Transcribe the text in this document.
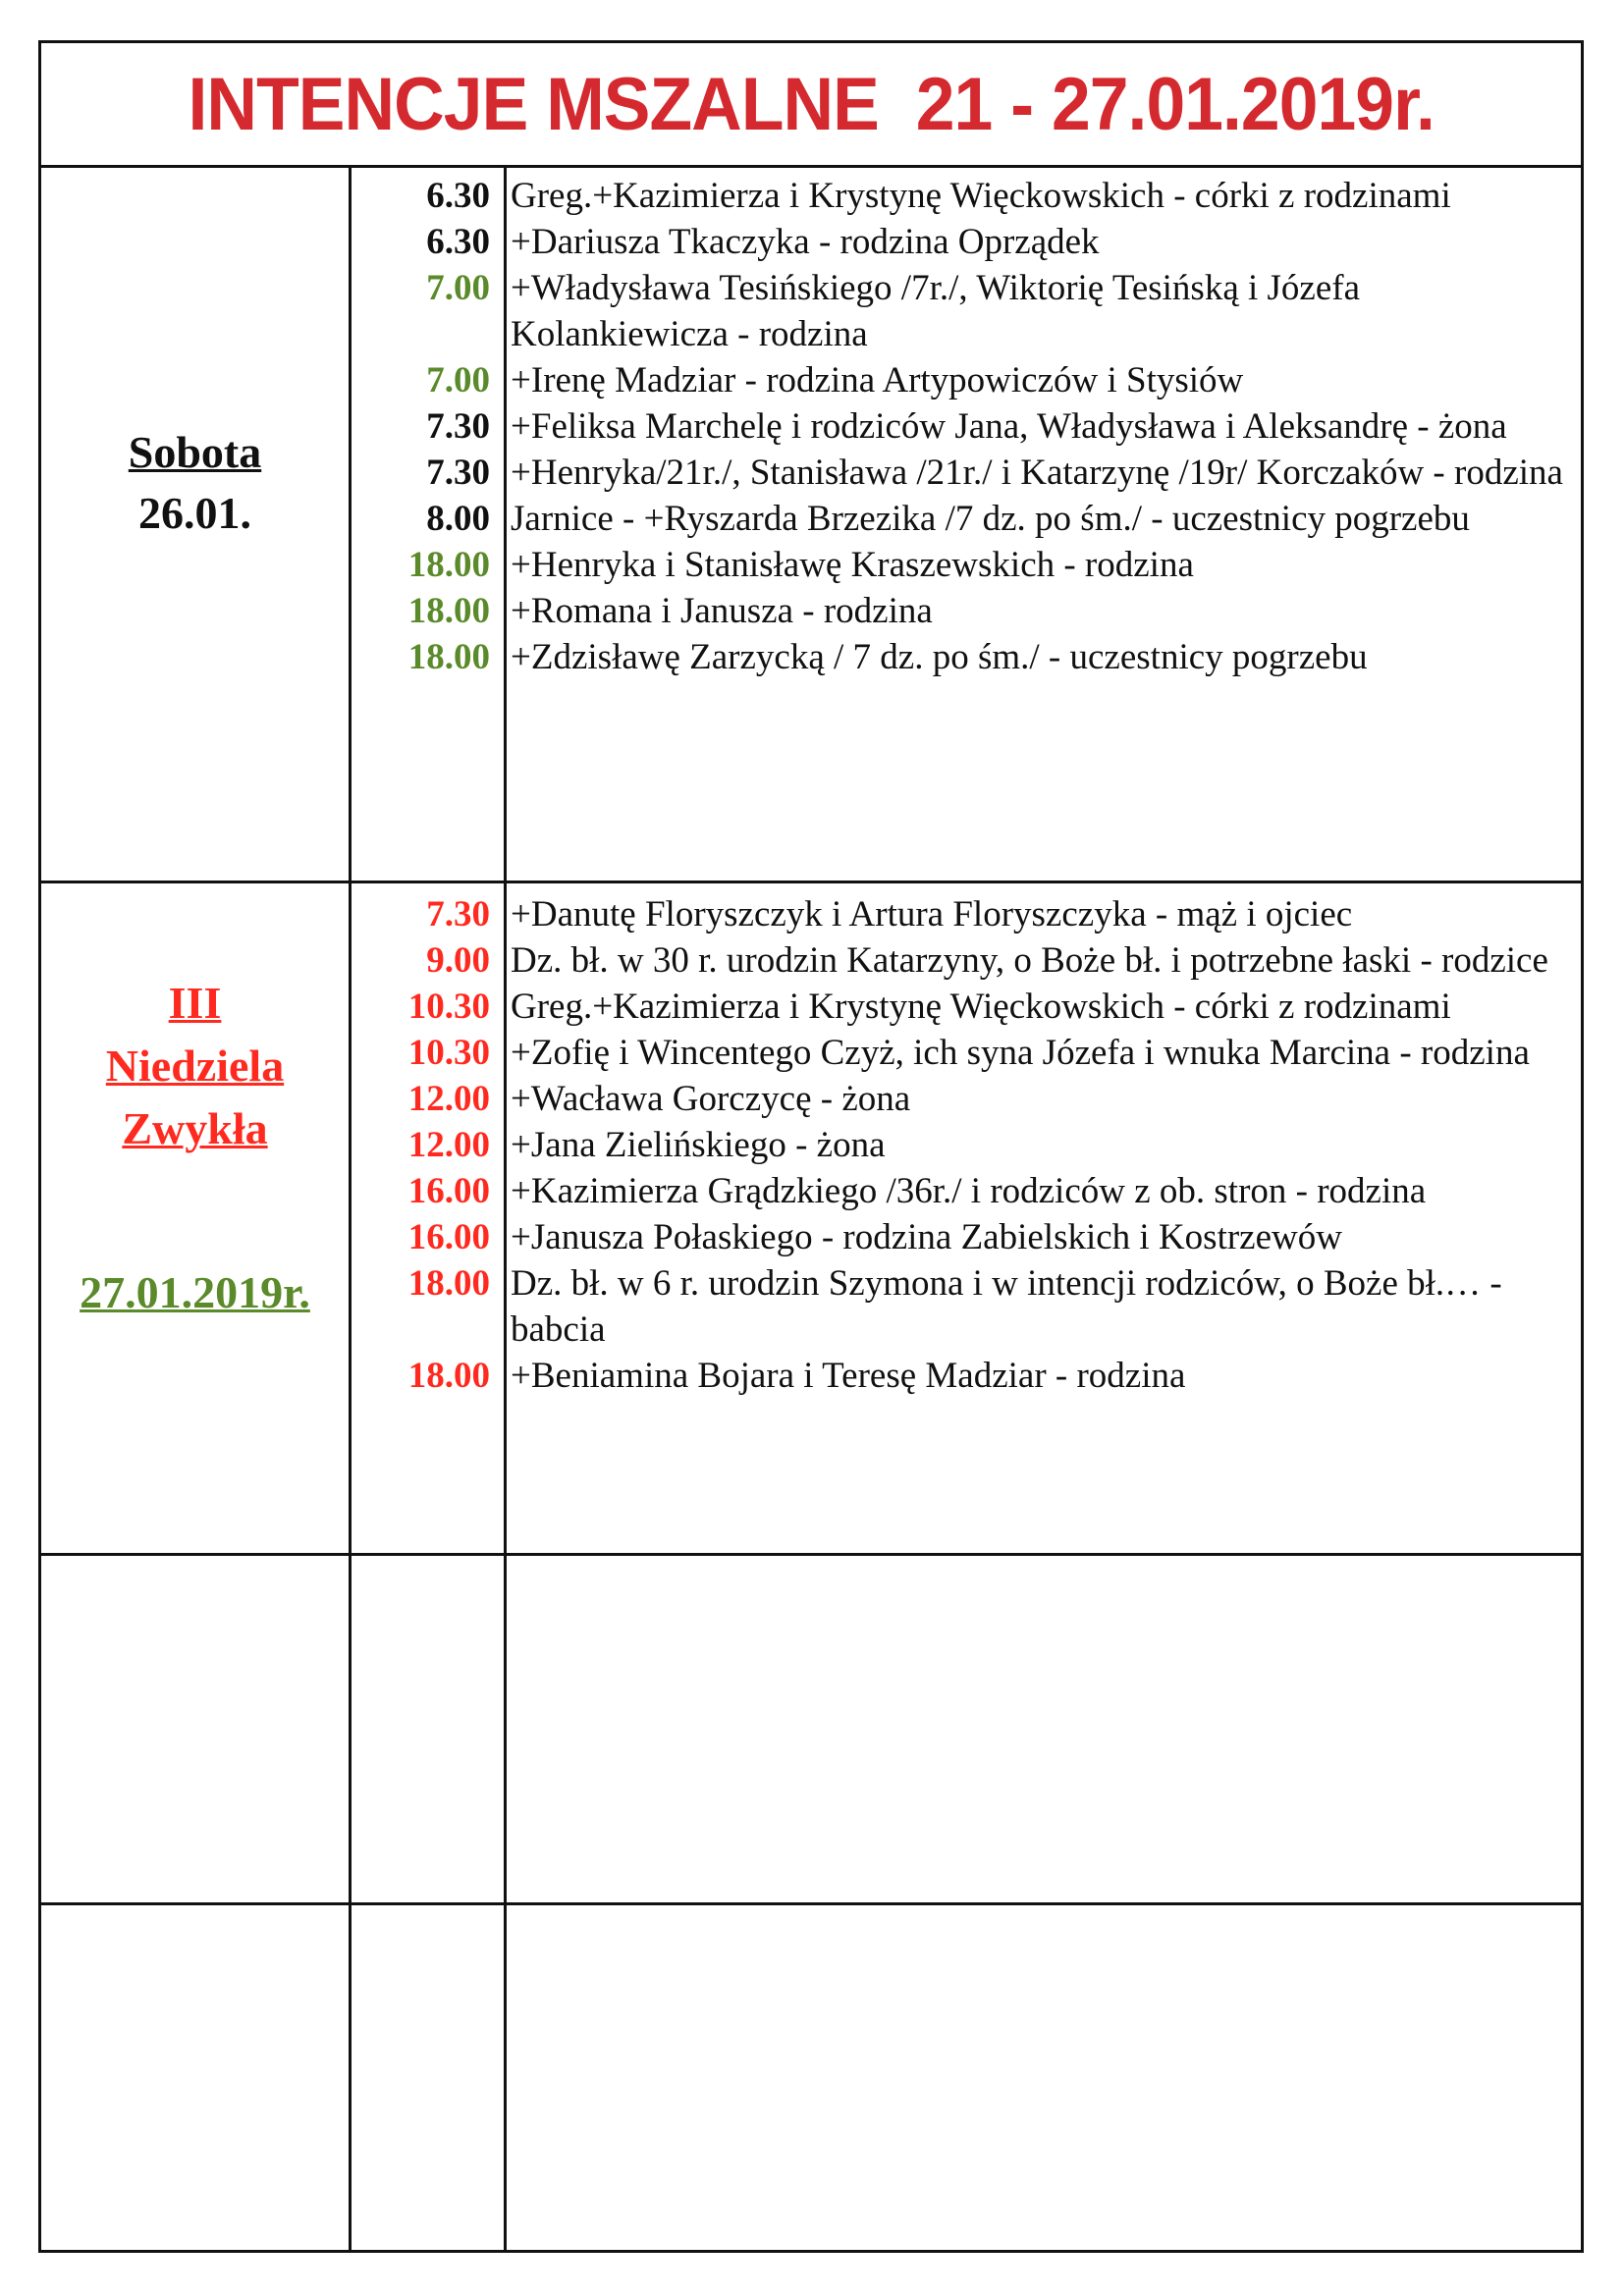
INTENCJE MSZALNE  21 - 27.01.2019r.
Sobota
26.01.
6.30 Greg.+Kazimierza i Krystynę Więckowskich - córki z rodzinami
6.30 +Dariusza Tkaczyka - rodzina Oprządek
7.00 +Władysława Tesińskiego /7r./, Wiktorię Tesińską i Józefa Kolankiewicza - rodzina
7.00 +Irenę Madziar - rodzina Artypowiczów i Stysiów
7.30 +Feliksa Marchelę i rodziców Jana, Władysława i Aleksandrę - żona
7.30 +Henryka/21r./, Stanisława /21r./ i Katarzynę /19r/ Korczaków - rodzina
8.00 Jarnice - +Ryszarda Brzezika /7 dz. po śm./ - uczestnicy pogrzebu
18.00 +Henryka i Stanisławę Kraszewskich - rodzina
18.00 +Romana i Janusza - rodzina
18.00 +Zdzisławę Zarzycką / 7 dz. po śm./ - uczestnicy pogrzebu
III
Niedziela
Zwykła
27.01.2019r.
7.30 +Danutę Floryszczyk i Artura Floryszczyka - mąż i ojciec
9.00 Dz. bł. w 30 r. urodzin Katarzyny, o Boże bł. i potrzebne łaski - rodzice
10.30 Greg.+Kazimierza i Krystynę Więckowskich - córki z rodzinami
10.30 +Zofię i Wincentego Czyż, ich syna Józefa i wnuka Marcina - rodzina
12.00 +Wacława Gorczycę - żona
12.00 +Jana Zielińskiego - żona
16.00 +Kazimierza Grądzkiego /36r./ i rodziców z ob. stron - rodzina
16.00 +Janusza Połaskiego - rodzina Zabielskich i Kostrzewów
18.00 Dz. bł. w 6 r. urodzin Szymona i w intencji rodziców, o Boże bł.… - babcia
18.00 +Beniamina Bojara i Teresę Madziar - rodzina
